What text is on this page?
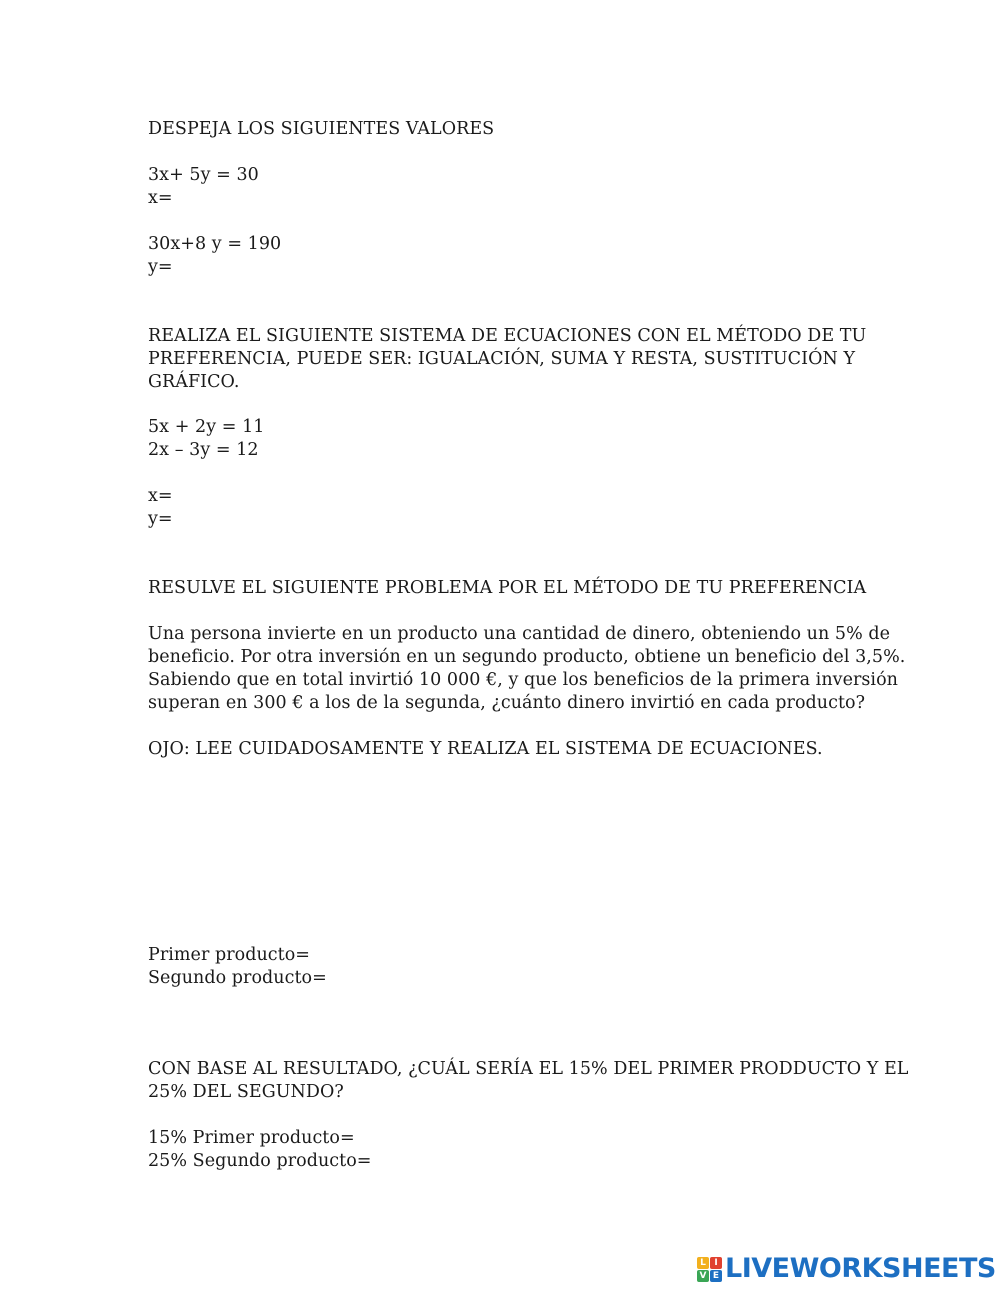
DESPEJA LOS SIGUIENTES VALORES
3x+ 5y = 30
x=
30x+8 y = 190
y=
REALIZA EL SIGUIENTE SISTEMA DE ECUACIONES CON EL MÉTODO DE TU
PREFERENCIA, PUEDE SER: IGUALACIÓN, SUMA Y RESTA, SUSTITUCIÓN Y
GRÁFICO.
5x + 2y = 11
2x – 3y = 12
x=
y=
RESULVE EL SIGUIENTE PROBLEMA POR EL MÉTODO DE TU PREFERENCIA
Una persona invierte en un producto una cantidad de dinero, obteniendo un 5% de
beneficio. Por otra inversión en un segundo producto, obtiene un beneficio del 3,5%.
Sabiendo que en total invirtió 10 000 €, y que los beneficios de la primera inversión
superan en 300 € a los de la segunda, ¿cuánto dinero invirtió en cada producto?
OJO: LEE CUIDADOSAMENTE Y REALIZA EL SISTEMA DE ECUACIONES.
Primer producto=
Segundo producto=
CON BASE AL RESULTADO, ¿CUÁL SERÍA EL 15% DEL PRIMER PRODDUCTO Y EL
25% DEL SEGUNDO?
15% Primer producto=
25% Segundo producto=
L I
V E LIVEWORKSHEETS
